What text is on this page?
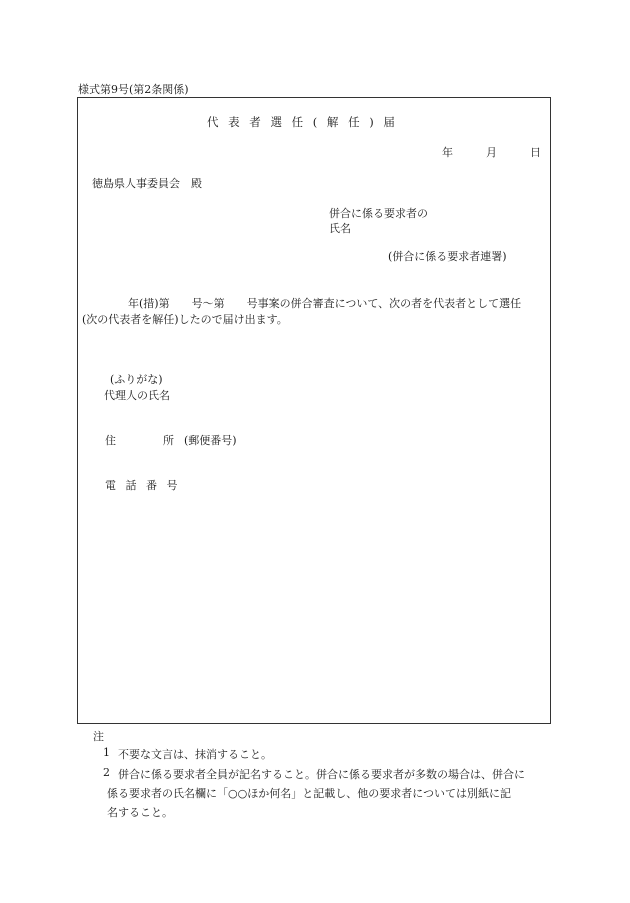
様式第9号(第2条関係)
代 表 者 選 任 ( 解 任 ) 届
年	月	日
徳島県人事委員会　殿
併合に係る要求者の
氏名
(併合に係る要求者連署)
年(措)第　　号〜第　　号事案の併合審査について、次の者を代表者として選任
(次の代表者を解任)したので届け出ます。
(ふりがな)
代理人の氏名
住	所 (郵便番号)
電 話 番 号
注
1 不要な文言は、抹消すること。
2 併合に係る要求者全員が記名すること。併合に係る要求者が多数の場合は、併合に
係る要求者の氏名欄に「○○ほか何名」と記載し、他の要求者については別紙に記
名すること。
